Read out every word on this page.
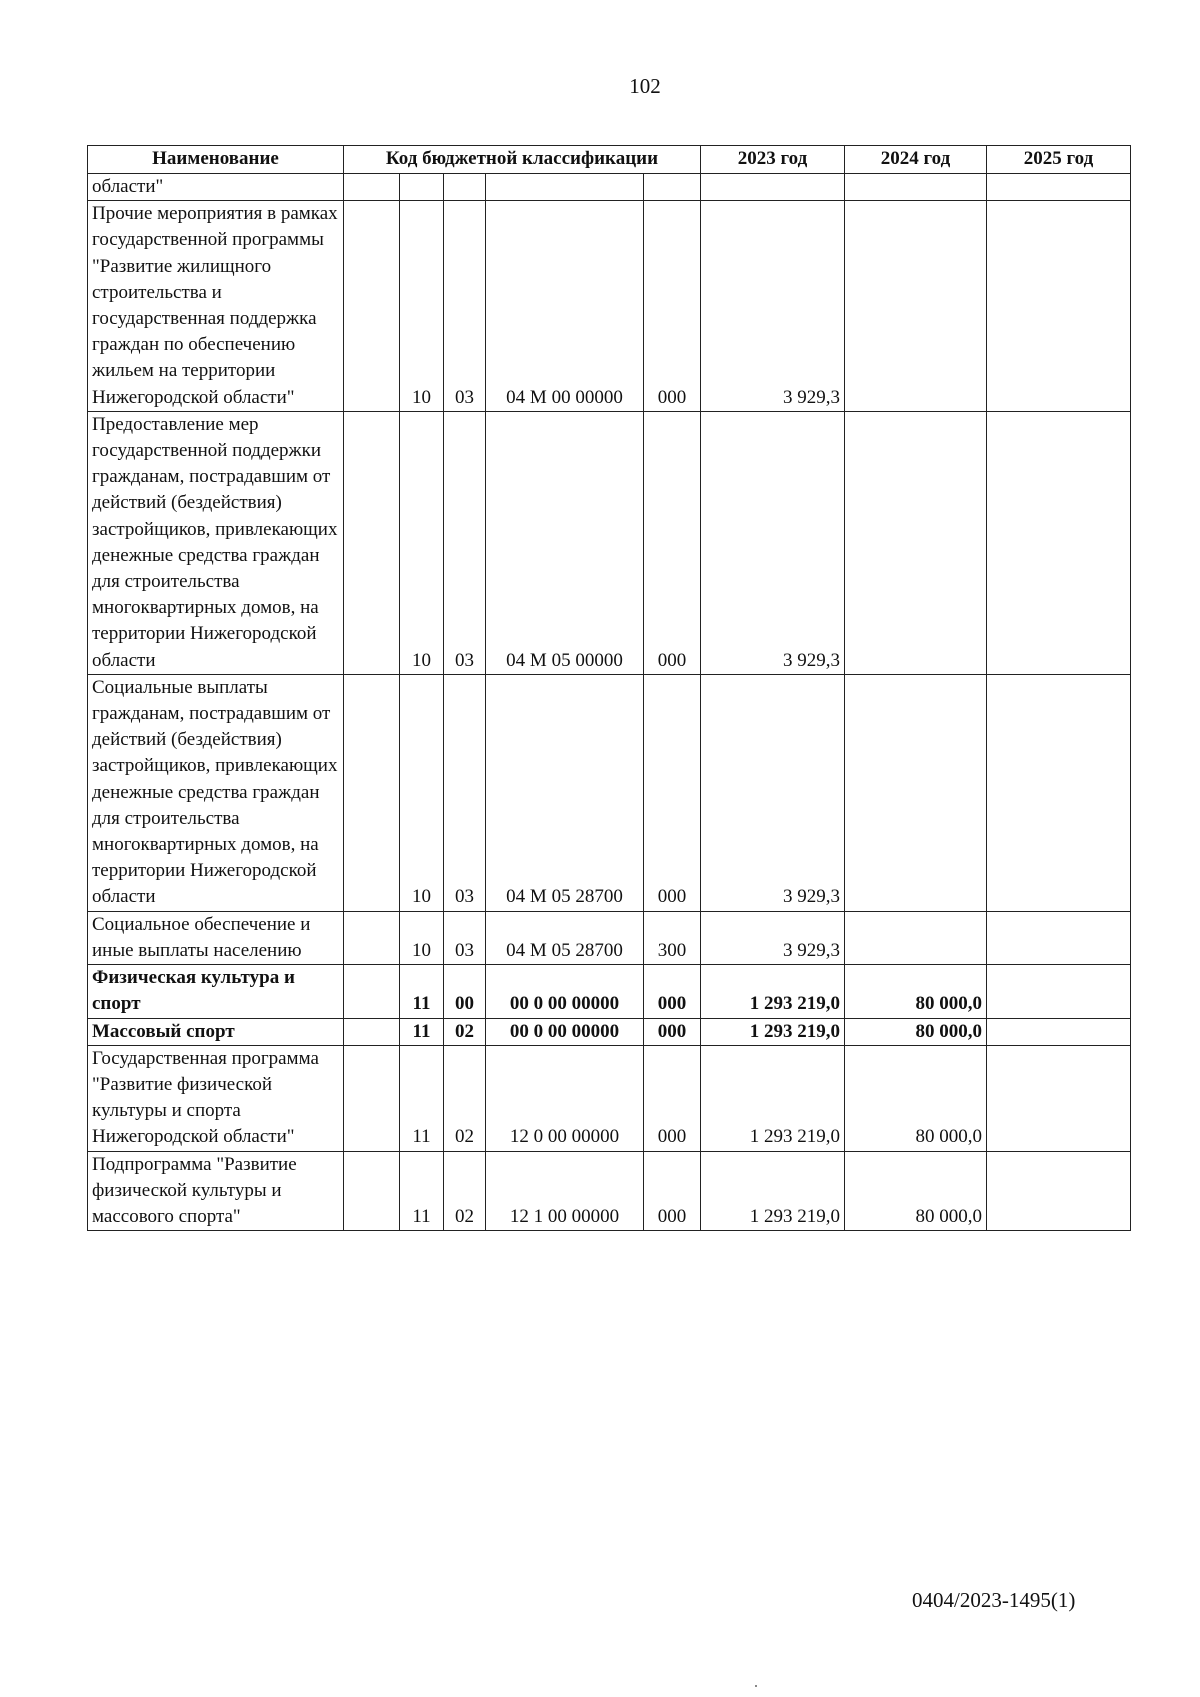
102
Наименование	Код бюджетной классификации					2023 год	2024 год	2025 год
области"								
Прочие мероприятия в рамках государственной программы "Развитие жилищного строительства и государственная поддержка граждан по обеспечению жильем на территории Нижегородской области"		10	03	04 М 00 00000	000	3 929,3		
Предоставление мер государственной поддержки гражданам, пострадавшим от действий (бездействия) застройщиков, привлекающих денежные средства граждан для строительства многоквартирных домов, на территории Нижегородской области		10	03	04 М 05 00000	000	3 929,3		
Социальные выплаты гражданам, пострадавшим от действий (бездействия) застройщиков, привлекающих денежные средства граждан для строительства многоквартирных домов, на территории Нижегородской области		10	03	04 М 05 28700	000	3 929,3		
Социальное обеспечение и иные выплаты населению		10	03	04 М 05 28700	300	3 929,3		
Физическая культура и спорт		11	00	00 0 00 00000	000	1 293 219,0	80 000,0	
Массовый спорт		11	02	00 0 00 00000	000	1 293 219,0	80 000,0	
Государственная программа "Развитие физической культуры и спорта Нижегородской области"		11	02	12 0 00 00000	000	1 293 219,0	80 000,0	
Подпрограмма "Развитие физической культуры и массового спорта"		11	02	12 1 00 00000	000	1 293 219,0	80 000,0	
0404/2023-1495(1)
